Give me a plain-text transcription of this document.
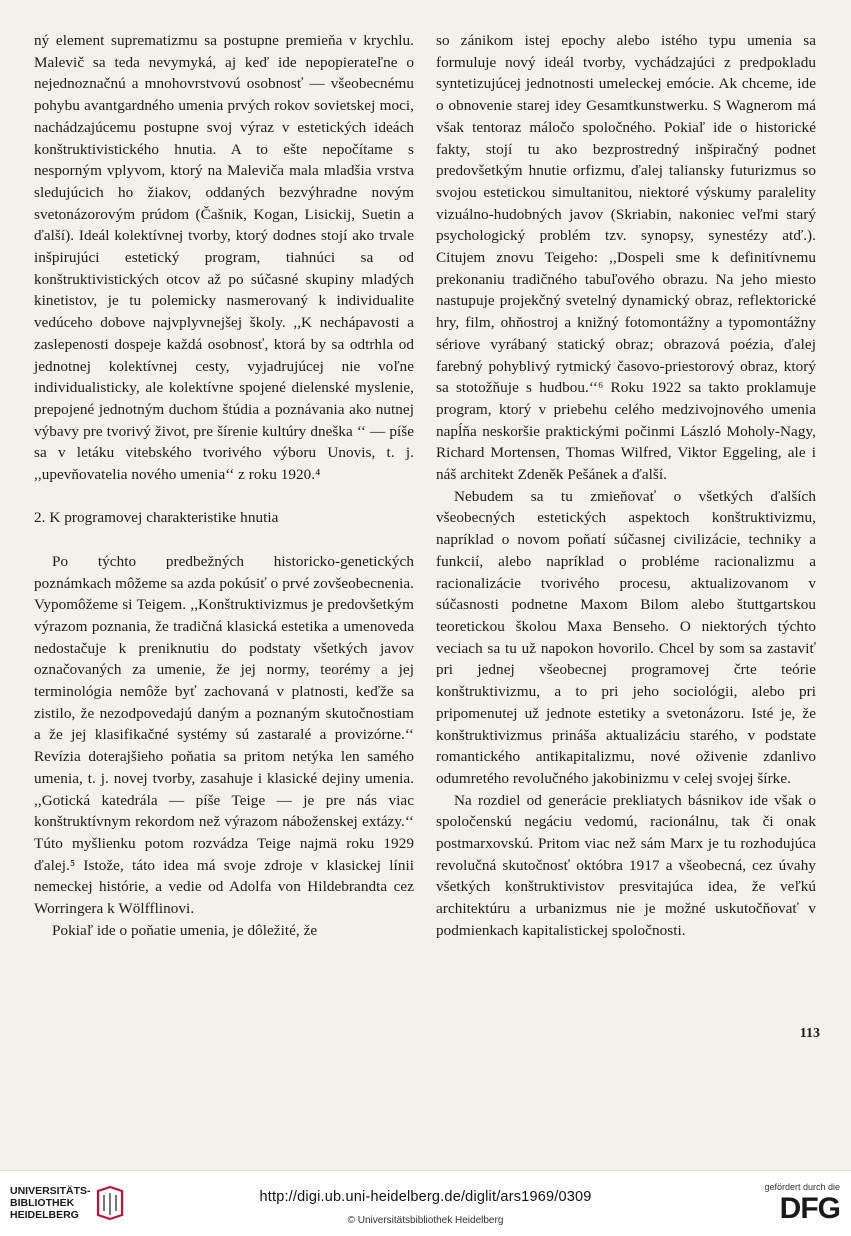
ný element suprematizmu sa postupne premieňa v krychlu. Malevič sa teda nevymyká, aj keď ide nepopierateľne o nejednoznačnú a mnohovrstvovú osobnosť — všeobecnému pohybu avantgardného umenia prvých rokov sovietskej moci, nachádzajúcemu postupne svoj výraz v estetických ideách konštruktivistického hnutia. A to ešte nepočítame s nesporným vplyvom, ktorý na Maleviča mala mladšia vrstva sledujúcich ho žiakov, oddaných bezvýhradne novým svetonázorovým prúdom (Čašnik, Kogan, Lisickij, Suetin a ďalší). Ideál kolektívnej tvorby, ktorý dodnes stojí ako trvale inšpirujúci estetický program, tiahnúci sa od konštruktivistických otcov až po súčasné skupiny mladých kinetistov, je tu polemicky nasmerovaný k individualite vedúceho dobove najvplyvnejšej školy. ,,K nechápavosti a zaslepenosti dospeje každá osobnosť, ktorá by sa odtrhla od jednotnej kolektívnej cesty, vyjadrujúcej nie voľne individualisticky, ale kolektívne spojené dielenské myslenie, prepojené jednotným duchom štúdia a poznávania ako nutnej výbavy pre tvorivý život, pre šírenie kultúry dneška ‘‘ — píše sa v letáku vitebského tvorivého výboru Unovis, t. j. ,,upevňovatelia nového umenia‘‘ z roku 1920.⁴

2. K programovej charakteristike hnutia

Po týchto predbežných historicko-genetických poznámkach môžeme sa azda pokúsiť o prvé zovšeobecnenia. Vypomôžeme si Teigem. ,,Konštruktivizmus je predovšetkým výrazom poznania, že tradičná klasická estetika a umenoveda nedostačuje k preniknutiu do podstaty všetkých javov označovaných za umenie, že jej normy, teorémy a jej terminológia nemôže byť zachovaná v platnosti, keďže sa zistilo, že nezodpovedajú daným a poznaným skutočnostiam a že jej klasifikačné systémy sú zastaralé a provizórne.‘‘ Revízia doterajšieho poňatia sa pritom netýka len samého umenia, t. j. novej tvorby, zasahuje i klasické dejiny umenia. ,,Gotická katedrála — píše Teige — je pre nás viac konštruktívnym rekordom než výrazom náboženskej extázy.‘‘ Túto myšlienku potom rozvádza Teige najmä roku 1929 ďalej.⁵ Istože, táto idea má svoje zdroje v klasickej línii nemeckej histórie, a vedie od Adolfa von Hildebrandta cez Worringera k Wölfflinovi.

Pokiaľ ide o poňatie umenia, je dôležité, že

so zánikom istej epochy alebo istého typu umenia sa formuluje nový ideál tvorby, vychádzajúci z predpokladu syntetizujúcej jednotnosti umeleckej emócie. Ak chceme, ide o obnovenie starej idey Gesamtkunstwerku. S Wagnerom má však tentoraz máločo spoločného. Pokiaľ ide o historické fakty, stojí tu ako bezprostredný inšpiračný podnet predovšetkým hnutie orfizmu, ďalej taliansky futurizmus so svojou estetickou simultanitou, niektoré výskumy paralelity vizuálno-hudobných javov (Skriabin, nakoniec veľmi starý psychologický problém tzv. synopsy, synestézy atď.). Citujem znovu Teigeho: ,,Dospeli sme k definitívnemu prekonaniu tradičného tabuľového obrazu. Na jeho miesto nastupuje projekčný svetelný dynamický obraz, reflektorické hry, film, ohňostroj a knižný fotomontážny a typomontážny sériove vyrábaný statický obraz; obrazová poézia, ďalej farebný pohyblivý rytmický časovo-priestorový obraz, ktorý sa stotožňuje s hudbou.‘‘⁶ Roku 1922 sa takto proklamuje program, ktorý v priebehu celého medzivojnového umenia napĺňa neskoršie praktickými počinmi László Moholy-Nagy, Richard Mortensen, Thomas Wilfred, Viktor Eggeling, ale i náš architekt Zdeněk Pešánek a ďalší.

Nebudem sa tu zmieňovať o všetkých ďalších všeobecných estetických aspektoch konštruktivizmu, napríklad o novom poňatí súčasnej civilizácie, techniky a funkcií, alebo napríklad o problémе racionalizmu a racionalizácie tvorivého procesu, aktualizovanom v súčasnosti podnetne Maxom Bilom alebo štuttgartskou teoretickou školou Maxa Benseho. O niektorých týchto veciach sa tu už napokon hovorilo. Chcel by som sa zastaviť pri jednej všeobecnej programovej črte teórie konštruktivizmu, a to pri jeho sociológii, alebo pri pripomenutej už jednote estetiky a svetonázoru. Isté je, že konštruktivizmus prináša aktualizáciu starého, v podstate romantického antikapitalizmu, nové oživenie zdanlivo odumretého revolučného jakobinizmu v celej svojej šírke.

Na rozdiel od generácie prekliatych básnikov ide však o spoločenskú negáciu vedomú, racionálnu, tak či onak postmarxovskú. Pritom viac než sám Marx je tu rozhodujúca revolučná skutočnosť októbra 1917 a všeobecná, cez úvahy všetkých konštruktivistov presvitajúca idea, že veľkú architektúru a urbanizmus nie je možné uskutočňovať v podmienkach kapitalistickej spoločnosti.

113
UNIVERSITÄTS-
BIBLIOTHEK
HEIDELBERG
http://digi.ub.uni-heidelberg.de/diglit/ars1969/0309
© Universitätsbibliothek Heidelberg
gefördert durch die
DFG
